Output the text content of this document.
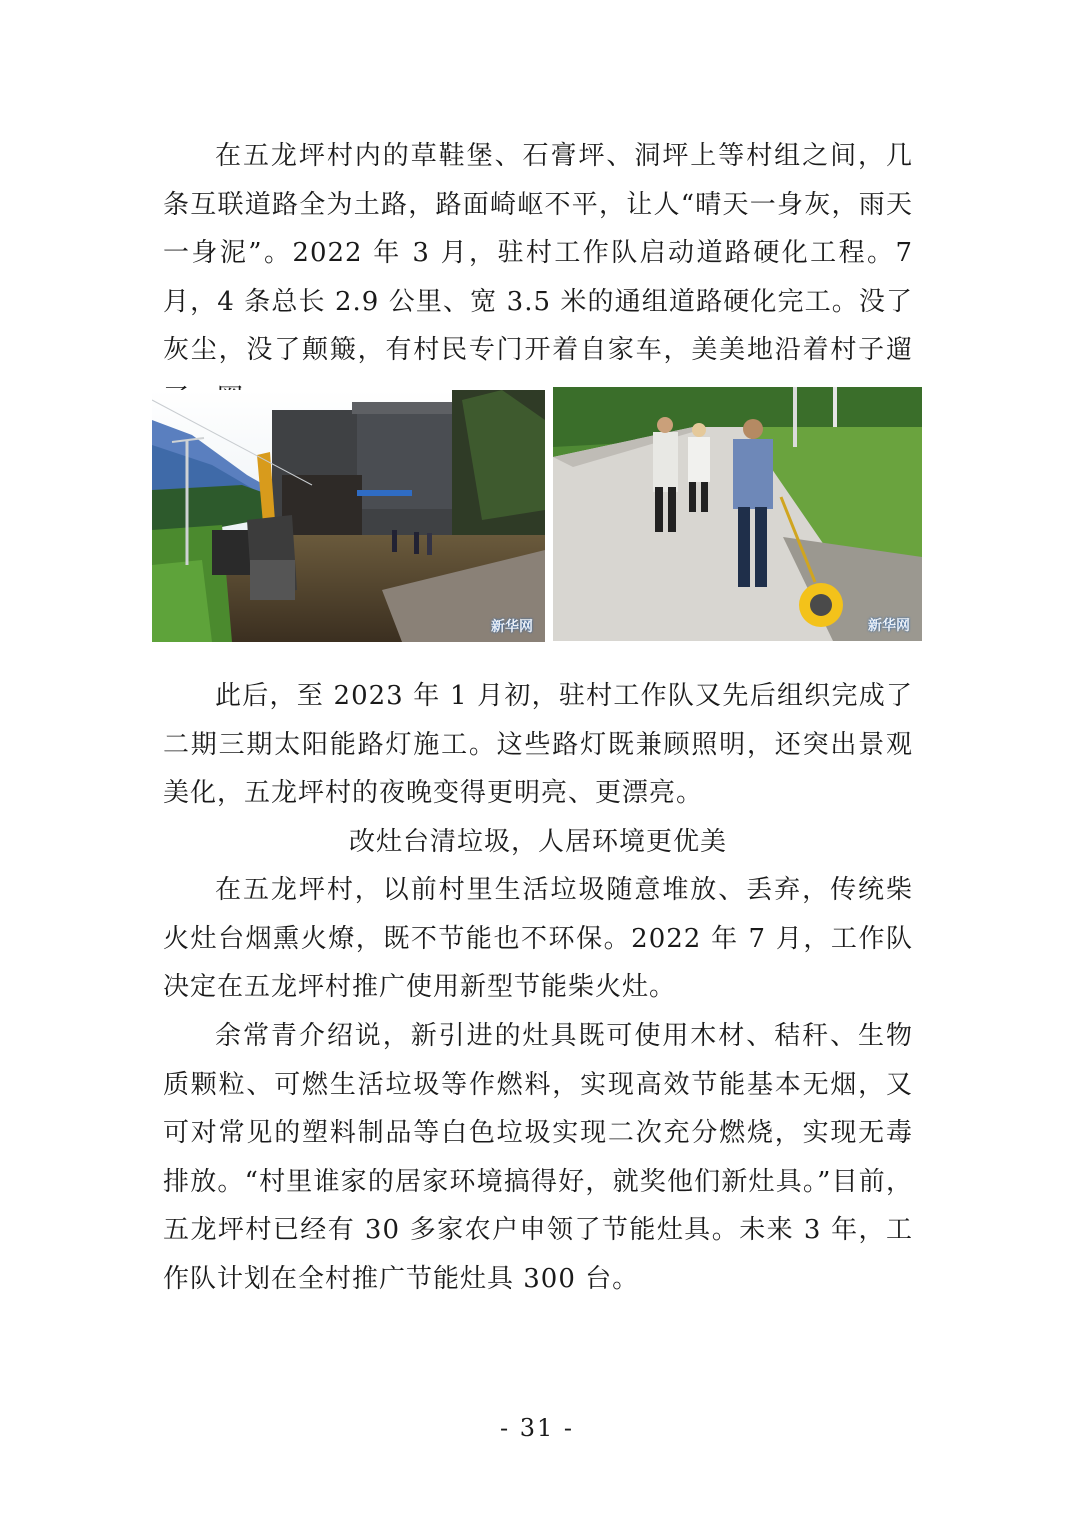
在五龙坪村内的草鞋堡、石膏坪、洞坪上等村组之间，几条互联道路全为土路，路面崎岖不平，让人“晴天一身灰，雨天一身泥”。2022 年 3 月，驻村工作队启动道路硬化工程。7 月，4 条总长 2.9 公里、宽 3.5 米的通组道路硬化完工。没了灰尘，没了颠簸，有村民专门开着自家车，美美地沿着村子遛

新华网	新华网

此后，至 2023 年 1 月初，驻村工作队又先后组织完成了二期三期太阳能路灯施工。这些路灯既兼顾照明，还突出景观美化，五龙坪村的夜晚变得更明亮、更漂亮。

改灶台清垃圾，人居环境更优美

在五龙坪村，以前村里生活垃圾随意堆放、丢弃，传统柴火灶台烟熏火燎，既不节能也不环保。2022 年 7 月，工作队决定在五龙坪村推广使用新型节能柴火灶。

余常青介绍说，新引进的灶具既可使用木材、秸秆、生物质颗粒、可燃生活垃圾等作燃料，实现高效节能基本无烟，又可对常见的塑料制品等白色垃圾实现二次充分燃烧，实现无毒排放。“村里谁家的居家环境搞得好，就奖他们新灶具。”目前，五龙坪村已经有 30 多家农户申领了节能灶具。未来 3 年，工作队计划在全村推广节能灶具 300 台。

- 31 -
